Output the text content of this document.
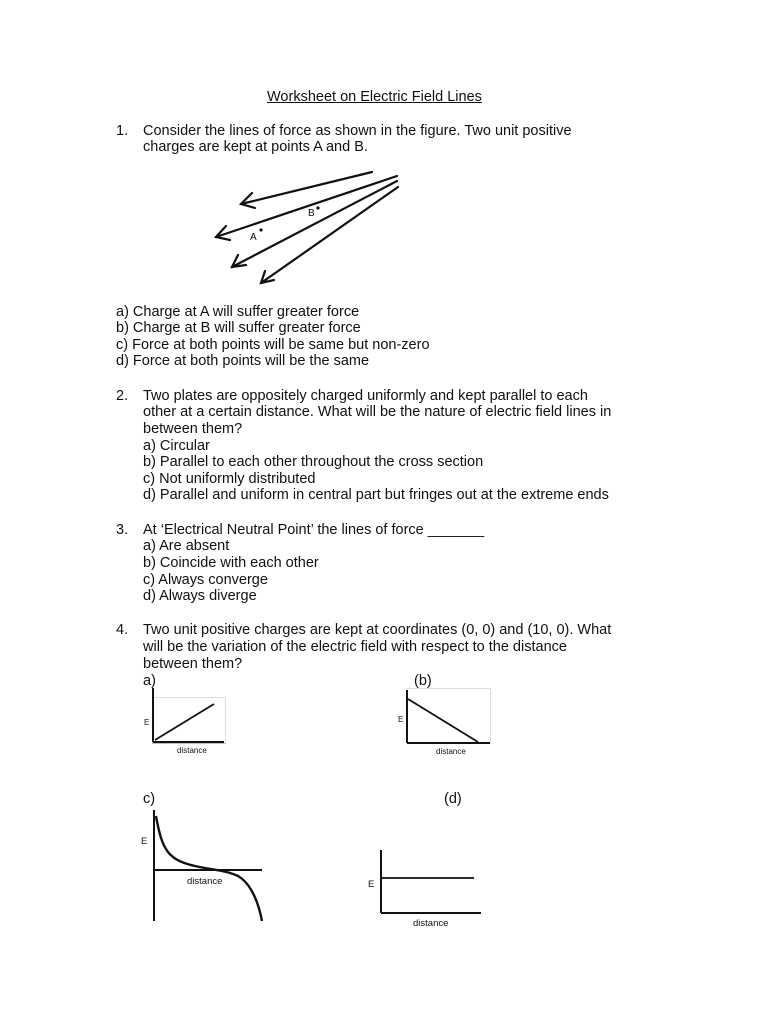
Worksheet on Electric Field Lines
1.	Consider the lines of force as shown in the figure. Two unit positive
charges are kept at points A and B.
A
B
a) Charge at A will suffer greater force
b) Charge at B will suffer greater force
c) Force at both points will be same but non-zero
d) Force at both points will be the same
2.	Two plates are oppositely charged uniformly and kept parallel to each
other at a certain distance. What will be the nature of electric field lines in
between them?
a) Circular
b) Parallel to each other throughout the cross section
c) Not uniformly distributed
d) Parallel and uniform in central part but fringes out at the extreme ends
3.	At ‘Electrical Neutral Point’ the lines of force _______
a) Are absent
b) Coincide with each other
c) Always converge
d) Always diverge
4.	Two unit positive charges are kept at coordinates (0, 0) and (10, 0). What
will be the variation of the electric field with respect to the distance
between them?
a)	(b)
c)	(d)
E
distance
E
distance
E
distance	E
distance
